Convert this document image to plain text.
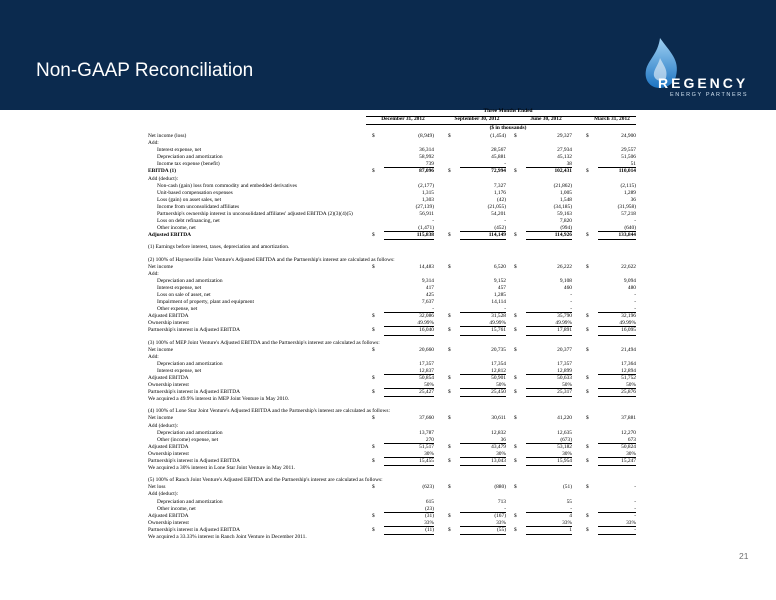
Non-GAAP Reconciliation
REGENCY
ENERGY PARTNERS
Three Months Ended
December 31, 2012	September 30, 2012	June 30, 2012	March 31, 2012
($ in thousands)
Net income (loss)	$	(8,949)	$	(1,454) $	29,327	$	24,900
Add:
Interest expense, net	36,314	28,567	27,934	29,557
Depreciation and amortization	58,992	45,881	45,132	51,506
Income tax expense (benefit)	739	-	38	51
EBITDA (1)	$	87,096	$	72,994 $	102,431	$	110,014
Add (deduct):
Non-cash (gain) loss from commodity and embedded derivatives	(2,177)	7,327	(21,862)	(2,115)
Unit-based compensation expenses	1,315	1,176	1,005	1,289
Loss (gain) on asset sales, net	1,303	(42)	1,548	36
Income from unconsolidated affiliates	(27,139)	(21,055)	(34,185)	(31,958)
Partnership's ownership interest in unconsolidated affiliates' adjusted EBITDA (2)(3)(4)(5)	56,911	54,201	59,163	57,218
Loss on debt refinancing, net	-	-	7,820	-
Other income, net	(1,471)	(452)	(994)	(640)
Adjusted EBITDA	$	115,838	$	114,149 $	114,926	$	133,844
(1) Earnings before interest, taxes, depreciation and amortization.
(2) 100% of Haynesville Joint Venture's Adjusted EBITDA and the Partnership's interest are calculated as follows:
Net income	$	14,483	$	6,520 $	26,222	$	22,622
Add:
Depreciation and amortization	9,314	9,152	9,108	9,094
Interest expense, net	417	457	460	480
Loss on sale of asset, net	425	1,285	-	-
Impairment of property, plant and equipment	7,637	14,114	-	-
Other expense, net	-	-	-	-
Adjusted EBITDA	$	32,086	$	31,528 $	35,790	$	32,196
Ownership interest	49.99%	49.99%	49.99%	49.99%
Partnership's interest in Adjusted EBITDA	$	16,040	$	15,761 $	17,891	$	16,095
(3) 100% of MEP Joint Venture's Adjusted EBITDA and the Partnership's interest are calculated as follows:
Net income	$	20,660	$	20,735 $	20,377	$	21,494
Add:
Depreciation and amortization	17,357	17,354	17,357	17,364
Interest expense, net	12,837	12,812	12,899	12,894
Adjusted EBITDA	$	50,854	$	50,901 $	50,633	$	51,752
Ownership interest	50%	50%	50%	50%
Partnership's interest in Adjusted EBITDA	$	25,427	$	25,450 $	25,317	$	25,876
We acquired a 49.9% interest in MEP Joint Venture in May 2010.
(4) 100% of Lone Star Joint Venture's Adjusted EBITDA and the Partnership's interest are calculated as follows:
Net income	$	37,660	$	30,611 $	41,220	$	37,881
Add (deduct):
Depreciation and amortization	13,787	12,832	12,635	12,270
Other (income) expense, net	270	36	(673)	673
Adjusted EBITDA	$	51,517	$	43,479 $	53,182	$	50,824
Ownership interest	30%	30%	30%	30%
Partnership's interest in Adjusted EBITDA	$	15,455	$	13,043 $	15,954	$	15,247
We acquired a 30% interest in Lone Star Joint Venture in May 2011.
(5) 100% of Ranch Joint Venture's Adjusted EBITDA and the Partnership's interest are calculated as follows:
Net loss	$	(623)	$	(880) $	(51)	$	-
Add (deduct):
Depreciation and amortization	615	713	55	-
Other income, net	(23)	-	-	-
Adjusted EBITDA	$	(31)	$	(167) $	4	$	-
Ownership interest	33%	33%	33%	33%
Partnership's interest in Adjusted EBITDA	$	(11)	$	(55) $	1	$	-
We acquired a 33.33% interest in Ranch Joint Venture in December 2011.
21
